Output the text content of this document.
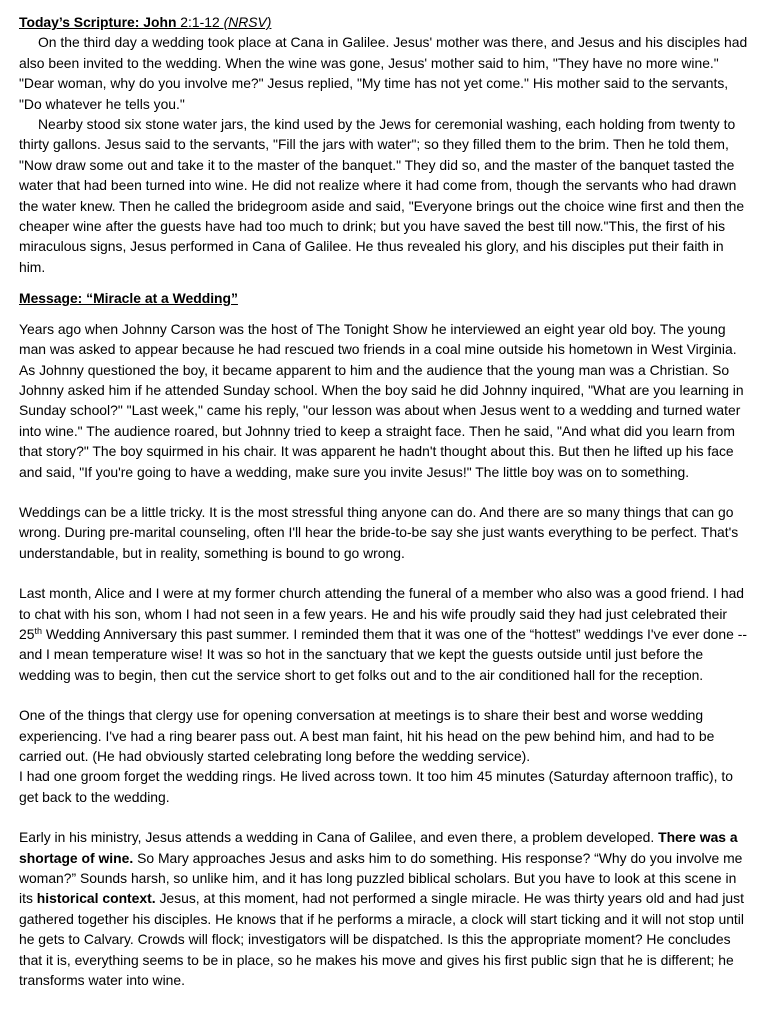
Today’s Scripture: John 2:1-12 (NRSV)

On the third day a wedding took place at Cana in Galilee. Jesus' mother was there, and Jesus and his disciples had also been invited to the wedding. When the wine was gone, Jesus' mother said to him, "They have no more wine." "Dear woman, why do you involve me?" Jesus replied, "My time has not yet come." His mother said to the servants, "Do whatever he tells you."

Nearby stood six stone water jars, the kind used by the Jews for ceremonial washing, each holding from twenty to thirty gallons. Jesus said to the servants, "Fill the jars with water"; so they filled them to the brim. Then he told them, "Now draw some out and take it to the master of the banquet." They did so, and the master of the banquet tasted the water that had been turned into wine. He did not realize where it had come from, though the servants who had drawn the water knew. Then he called the bridegroom aside and said, "Everyone brings out the choice wine first and then the cheaper wine after the guests have had too much to drink; but you have saved the best till now."This, the first of his miraculous signs, Jesus performed in Cana of Galilee. He thus revealed his glory, and his disciples put their faith in him.

Message: “Miracle at a Wedding”

Years ago when Johnny Carson was the host of The Tonight Show he interviewed an eight year old boy. The young man was asked to appear because he had rescued two friends in a coal mine outside his hometown in West Virginia. As Johnny questioned the boy, it became apparent to him and the audience that the young man was a Christian. So Johnny asked him if he attended Sunday school. When the boy said he did Johnny inquired, "What are you learning in Sunday school?" "Last week," came his reply, "our lesson was about when Jesus went to a wedding and turned water into wine." The audience roared, but Johnny tried to keep a straight face. Then he said, "And what did you learn from that story?" The boy squirmed in his chair. It was apparent he hadn't thought about this. But then he lifted up his face and said, "If you're going to have a wedding, make sure you invite Jesus!" The little boy was on to something.

Weddings can be a little tricky. It is the most stressful thing anyone can do. And there are so many things that can go wrong. During pre-marital counseling, often I'll hear the bride-to-be say she just wants everything to be perfect. That's understandable, but in reality, something is bound to go wrong.

Last month, Alice and I were at my former church attending the funeral of a member who also was a good friend. I had to chat with his son, whom I had not seen in a few years. He and his wife proudly said they had just celebrated their 25th Wedding Anniversary this past summer. I reminded them that it was one of the “hottest” weddings I've ever done -- and I mean temperature wise! It was so hot in the sanctuary that we kept the guests outside until just before the wedding was to begin, then cut the service short to get folks out and to the air conditioned hall for the reception.

One of the things that clergy use for opening conversation at meetings is to share their best and worse wedding experiencing. I've had a ring bearer pass out. A best man faint, hit his head on the pew behind him, and had to be carried out. (He had obviously started celebrating long before the wedding service).

I had one groom forget the wedding rings. He lived across town. It too him 45 minutes (Saturday afternoon traffic), to get back to the wedding.

Early in his ministry, Jesus attends a wedding in Cana of Galilee, and even there, a problem developed. There was a shortage of wine. So Mary approaches Jesus and asks him to do something. His response? “Why do you involve me woman?” Sounds harsh, so unlike him, and it has long puzzled biblical scholars. But you have to look at this scene in its historical context. Jesus, at this moment, had not performed a single miracle. He was thirty years old and had just gathered together his disciples. He knows that if he performs a miracle, a clock will start ticking and it will not stop until he gets to Calvary. Crowds will flock; investigators will be dispatched. Is this the appropriate moment? He concludes that it is, everything seems to be in place, so he makes his move and gives his first public sign that he is different; he transforms water into wine.
